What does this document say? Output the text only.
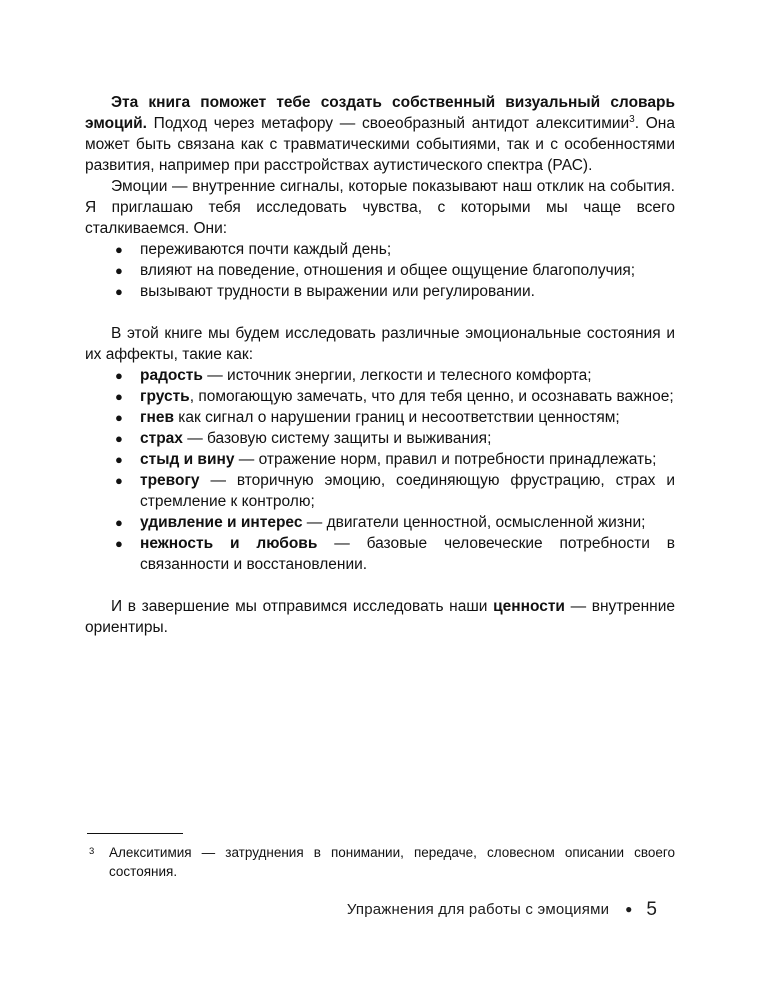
Эта книга поможет тебе создать собственный визуальный словарь эмоций. Подход через метафору — своеобразный антидот алекситимии$^3$. Она может быть связана как с травматическими событиями, так и с особенностями развития, например при расстройствах аутистического спектра (РАС).

Эмоции — внутренние сигналы, которые показывают наш отклик на события. Я приглашаю тебя исследовать чувства, с которыми мы чаще всего сталкиваемся. Они:

●	переживаются почти каждый день;
●	влияют на поведение, отношения и общее ощущение благополучия;
●	вызывают трудности в выражении или регулировании.

В этой книге мы будем исследовать различные эмоциональные состояния и их аффекты, такие как:

●	радость — источник энергии, легкости и телесного комфорта;
●	грусть, помогающую замечать, что для тебя ценно, и осознавать важное;
●	гнев как сигнал о нарушении границ и несоответствии ценностям;
●	страх — базовую систему защиты и выживания;
●	стыд и вину — отражение норм, правил и потребности принадлежать;
●	тревогу — вторичную эмоцию, соединяющую фрустрацию, страх и стремление к контролю;
●	удивление и интерес — двигатели ценностной, осмысленной жизни;
●	нежность и любовь — базовые человеческие потребности в связанности и восстановлении.

И в завершение мы отправимся исследовать наши ценности — внутренние ориентиры.

3 Алекситимия — затруднения в понимании, передаче, словесном описании своего состояния.
Упражнения для работы с эмоциями ● 5
